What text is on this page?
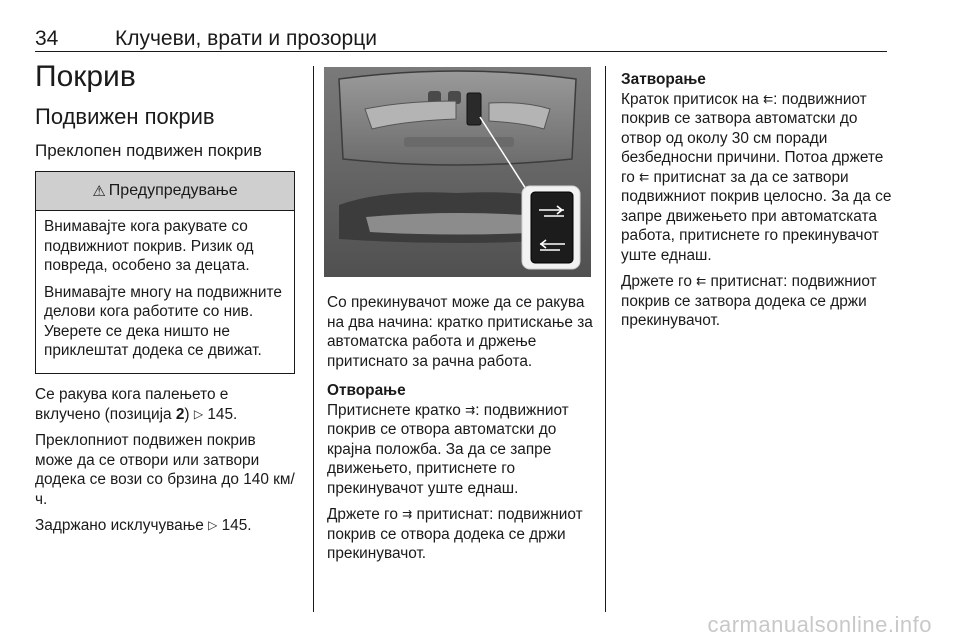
34	Клучеви, врати и прозорци
Покрив
Подвижен покрив
Преклопен подвижен покрив
⚠ Предупредување

Внимавајте кога ракувате со подвижниот покрив. Ризик од повреда, особено за децата.

Внимавајте многу на подвижните делови кога работите со нив. Уверете се дека ништо не приклештат додека се движат.

Се ракува кога палењето е вклучено (позиција 2) ▷ 145.

Преклопниот подвижен покрив може да се отвори или затвори додека се вози со брзина до 140 км/ч.

Задржано исклучување ▷ 145.

Со прекинувачот може да се ракува на два начина: кратко притискање за автоматска работа и држење притиснато за рачна работа.

Отворање

Притиснете кратко ⇉: подвижниот покрив се отвора автоматски до крајна положба. За да се запре движењето, притиснете го прекинувачот уште еднаш.

Држете го ⇉ притиснат: подвижниот покрив се отвора додека се држи прекинувачот.

Затворање

Краток притисок на ⇇: подвижниот покрив се затвора автоматски до отвор од околу 30 см поради безбедносни причини. Потоа држете го ⇇ притиснат за да се затвори подвижниот покрив целосно. За да се запре движењето при автоматската работа, притиснете го прекинувачот уште еднаш.

Држете го ⇇ притиснат: подвижниот покрив се затвора додека се држи прекинувачот.

carmanualsonline.info
